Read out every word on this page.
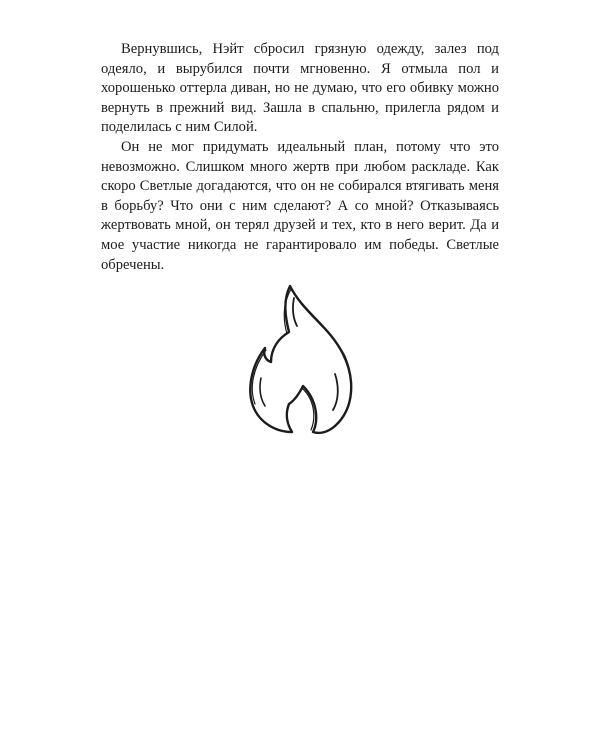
Вернувшись, Нэйт сбросил грязную одежду, залез под одеяло, и вырубился почти мгновенно. Я отмыла пол и хорошенько оттерла диван, но не думаю, что его обивку можно вернуть в прежний вид. Зашла в спальню, прилегла рядом и поделилась с ним Силой.

Он не мог придумать идеальный план, потому что это невозможно. Слишком много жертв при любом раскладе. Как скоро Светлые догадаются, что он не собирался втягивать меня в борьбу? Что они с ним сделают? А со мной? Отказываясь жертвовать мной, он терял друзей и тех, кто в него верит. Да и мое участие никогда не гарантировало им победы. Светлые обречены.
